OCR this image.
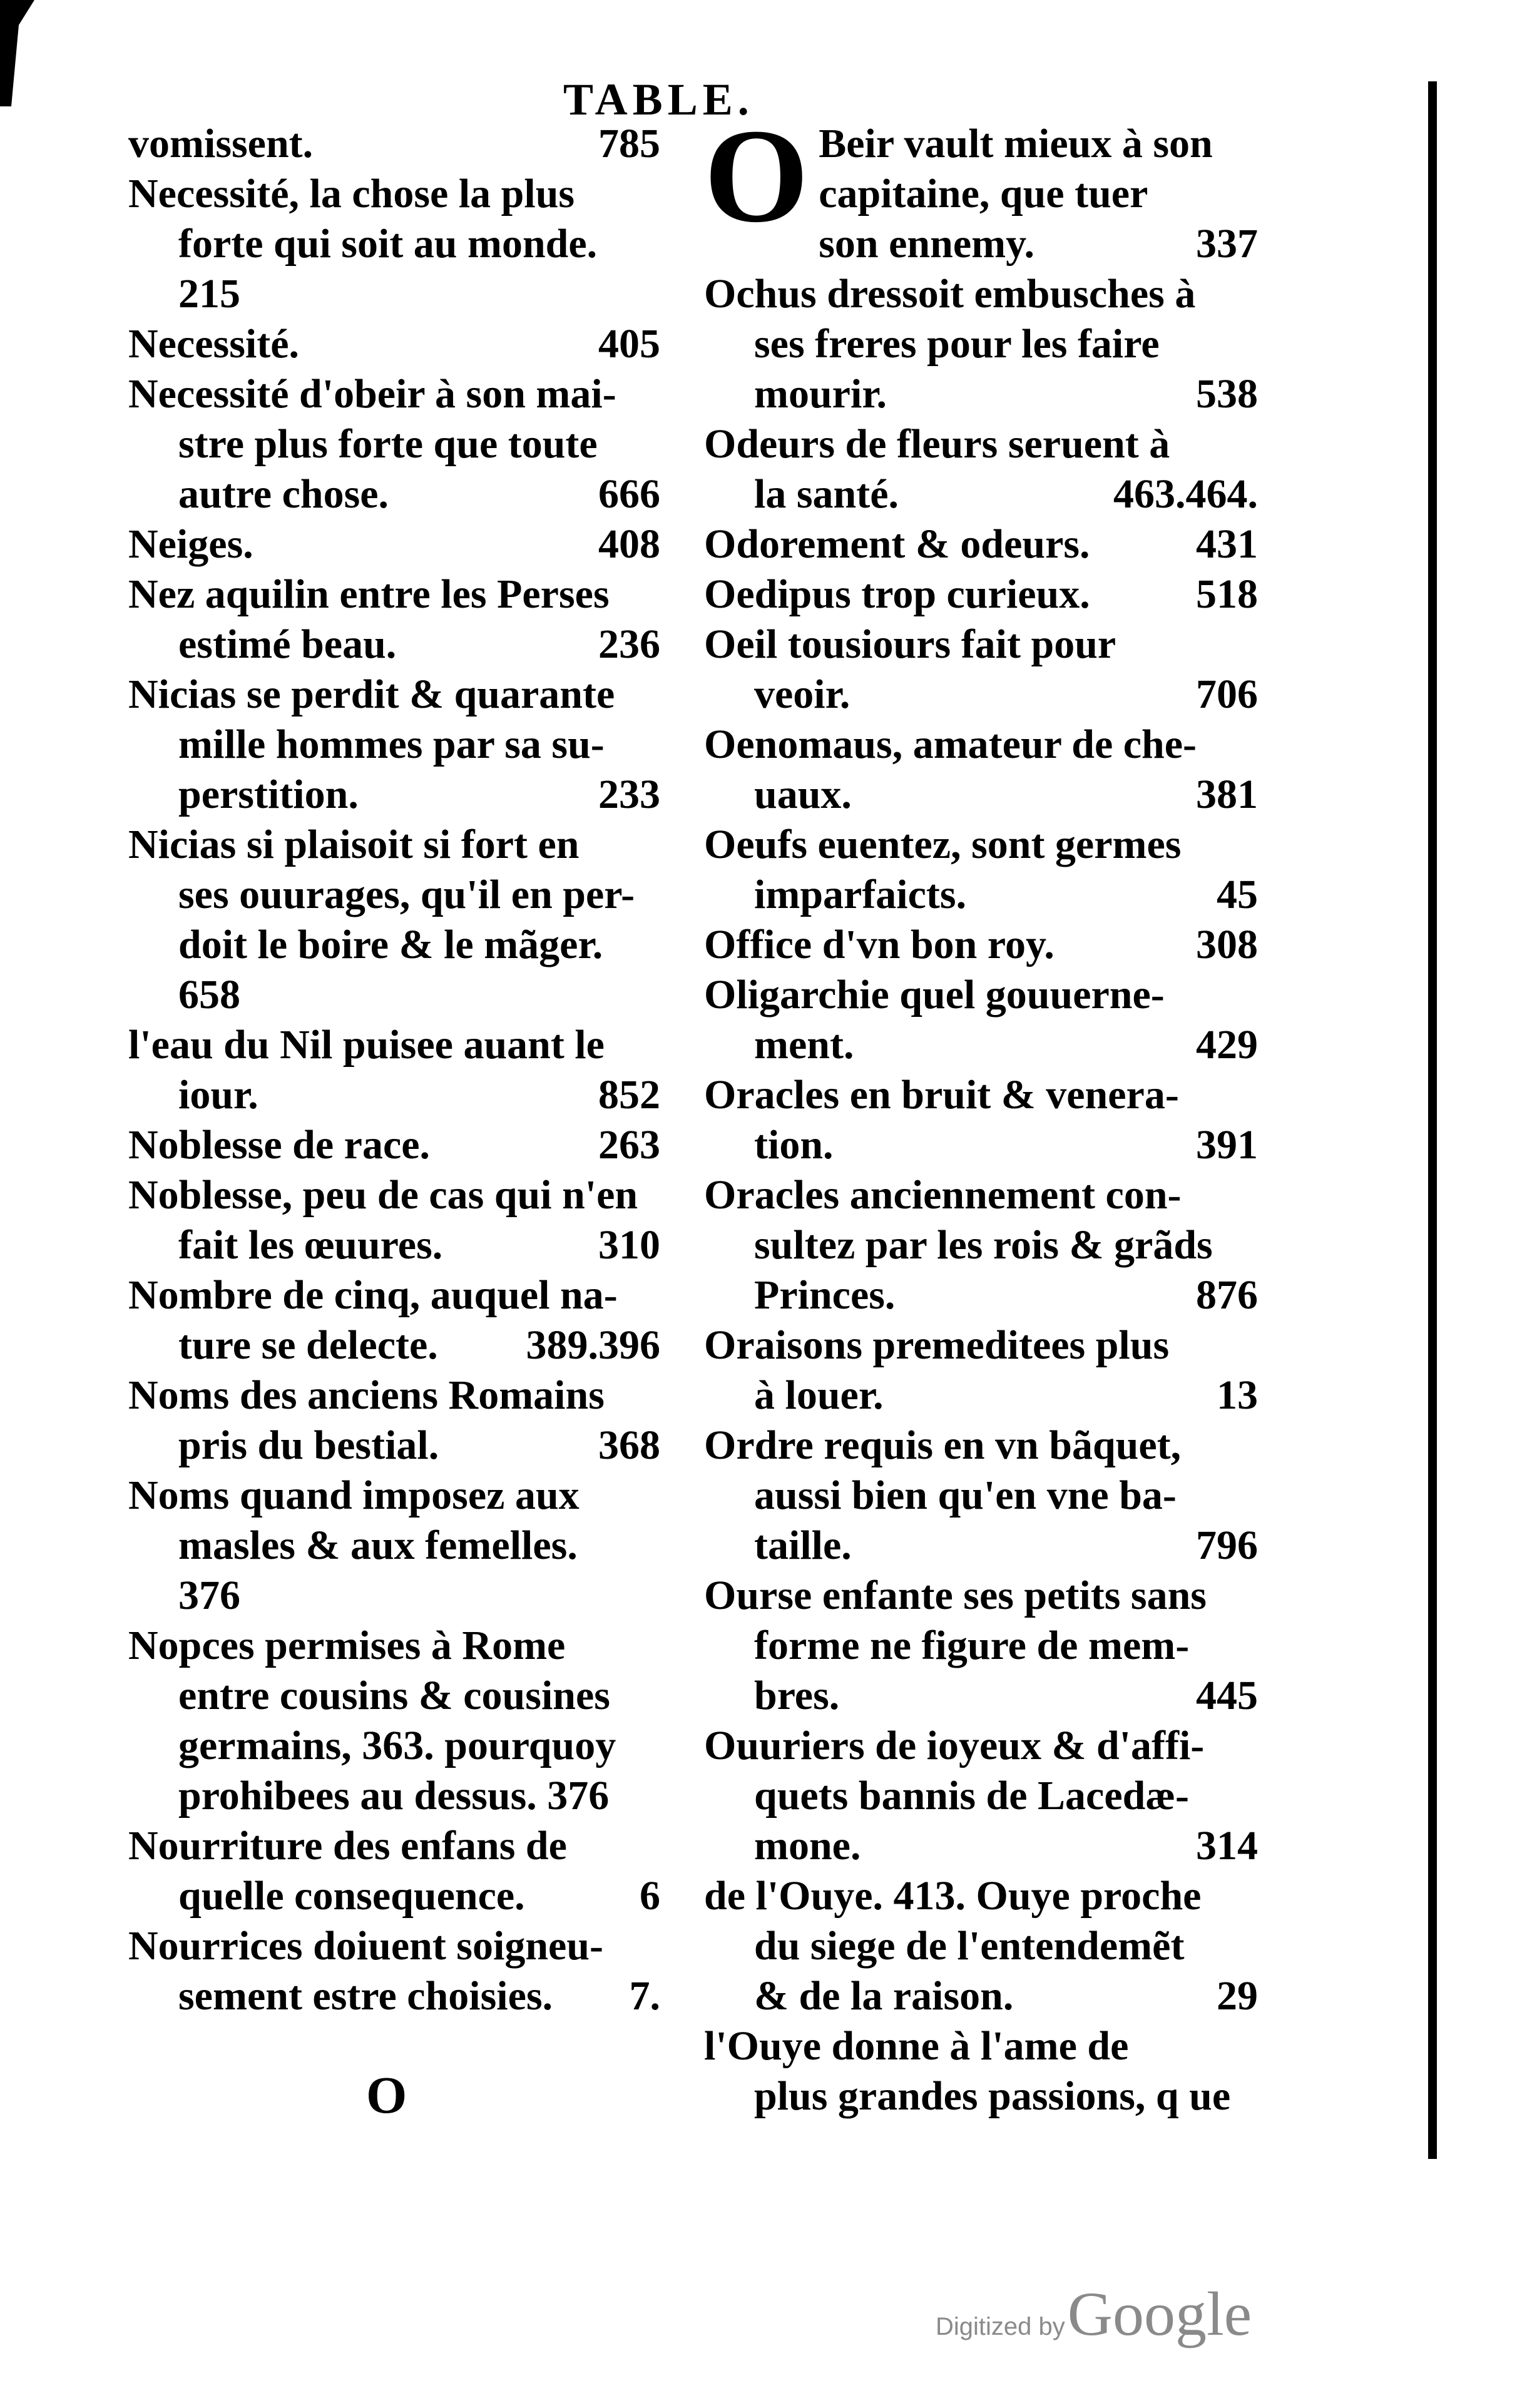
TABLE.
vomissent.	785
Necessité, la chose la plus
forte qui soit au monde.
215
Necessité.	405
Necessité d'obeir à son mai-
stre plus forte que toute
autre chose.	666
Neiges.	408
Nez aquilin entre les Perses
estimé beau.	236
Nicias se perdit & quarante
mille hommes par sa su-
perstition.	233
Nicias si plaisoit si fort en
ses ouurages, qu'il en per-
doit le boire & le mãger.
658
l'eau du Nil puisee auant le
iour.	852
Noblesse de race.	263
Noblesse, peu de cas qui n'en
fait les œuures.	310
Nombre de cinq, auquel na-
ture se delecte. 389.396
Noms des anciens Romains
pris du bestial.	368
Noms quand imposez aux
masles & aux femelles.
376
Nopces permises à Rome
entre cousins & cousines
germains, 363. pourquoy
prohibees au dessus. 376
Nourriture des enfans de
quelle consequence.	6
Nourrices doiuent soigneu-
sement estre choisies. 7.
O Beir vault mieux à son
capitaine, que tuer
son ennemy.	337
Ochus dressoit embusches à
ses freres pour les faire
mourir.	538
Odeurs de fleurs seruent à
la santé.	463.464.
Odorement & odeurs.	431
Oedipus trop curieux.	518
Oeil tousiours fait pour
veoir.	706
Oenomaus, amateur de che-
uaux.	381
Oeufs euentez, sont germes
imparfaicts.	45
Office d'vn bon roy.	308
Oligarchie quel gouuerne-
ment.	429
Oracles en bruit & venera-
tion.	391
Oracles anciennement con-
sultez par les rois & grãds
Princes.	876
Oraisons premeditees plus
à louer.	13
Ordre requis en vn bãquet,
aussi bien qu'en vne ba-
taille.	796
Ourse enfante ses petits sans
forme ne figure de mem-
bres.	445
Ouuriers de ioyeux & d'affi-
quets bannis de Lacedæ-
mone.	314
de l'Ouye. 413. Ouye proche
du siege de l'entendemẽt
& de la raison.	29
l'Ouye donne à l'ame de
plus grandes passions, q ue
O
Digitized by Google
